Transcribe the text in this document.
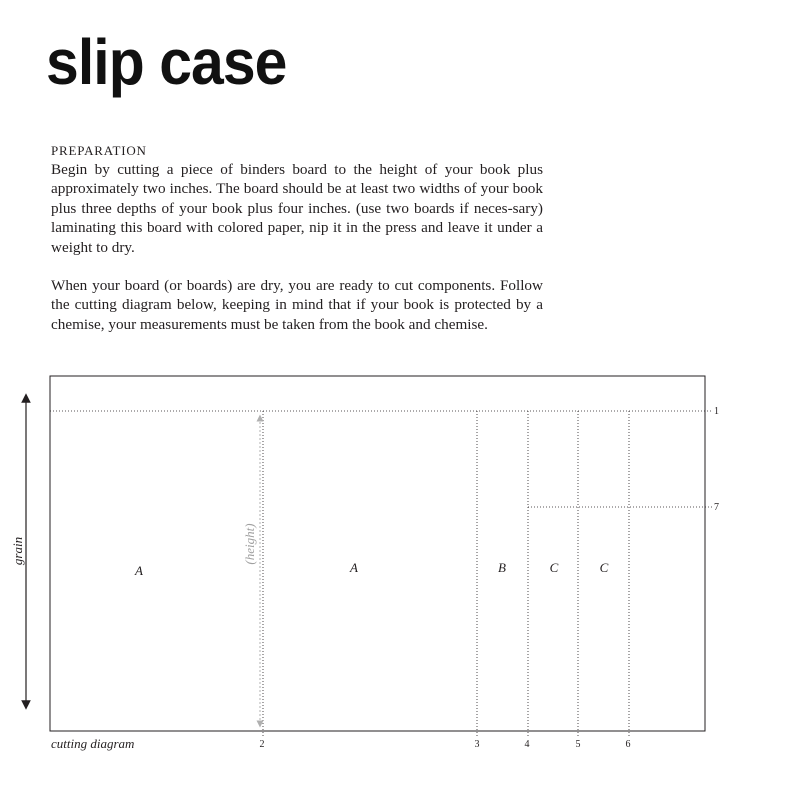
slip case
PREPARATION

Begin by cutting a piece of binders board to the height of your book plus approximately two inches. The board should be at least two widths of your book plus three depths of your book plus four inches. (use two boards if neces-sary) laminating this board with colored paper, nip it in the press and leave it under a weight to dry.

When your board (or boards) are dry, you are ready to cut components. Follow the cutting diagram below, keeping in mind that if your book is protected by a chemise, your measurements must be taken from the book and chemise.

grain	(height)
A	A	B	C	C
1
7
2	3	4	5	6
cutting diagram
